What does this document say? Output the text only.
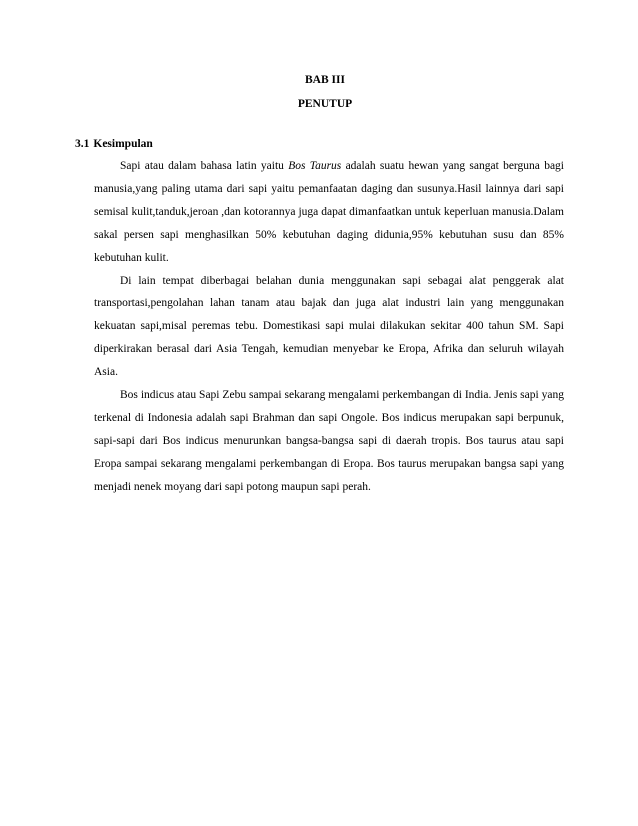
BAB III
PENUTUP
3.1 Kesimpulan

Sapi atau dalam bahasa latin yaitu Bos Taurus adalah suatu hewan yang sangat berguna bagi manusia,yang paling utama dari sapi yaitu pemanfaatan daging dan susunya.Hasil lainnya dari sapi semisal kulit,tanduk,jeroan ,dan kotorannya juga dapat dimanfaatkan untuk keperluan manusia.Dalam sakal persen sapi menghasilkan 50% kebutuhan daging didunia,95% kebutuhan susu dan 85% kebutuhan kulit.

Di lain tempat diberbagai belahan dunia menggunakan sapi sebagai alat penggerak alat transportasi,pengolahan lahan tanam atau bajak dan juga alat industri lain yang menggunakan kekuatan sapi,misal peremas tebu. Domestikasi sapi mulai dilakukan sekitar 400 tahun SM. Sapi diperkirakan berasal dari Asia Tengah, kemudian menyebar ke Eropa, Afrika dan seluruh wilayah Asia.

Bos indicus atau Sapi Zebu sampai sekarang mengalami perkembangan di India. Jenis sapi yang terkenal di Indonesia adalah sapi Brahman dan sapi Ongole. Bos indicus merupakan sapi berpunuk, sapi-sapi dari Bos indicus menurunkan bangsa-bangsa sapi di daerah tropis. Bos taurus atau sapi Eropa sampai sekarang mengalami perkembangan di Eropa. Bos taurus merupakan bangsa sapi yang menjadi nenek moyang dari sapi potong maupun sapi perah.
